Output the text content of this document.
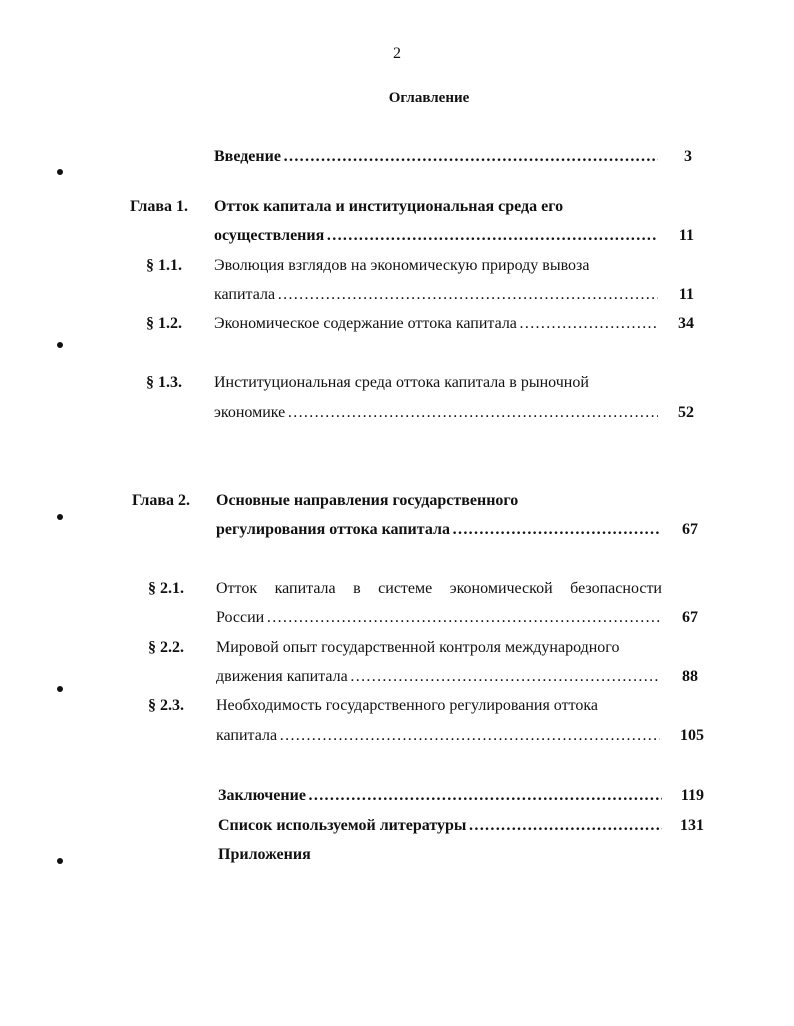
2
Оглавление
Введение ……………………………………………………………………………………………………………………………………………………………………………	3
Глава 1. Отток капитала и институциональная среда его
осуществления ……………………………………………………………………………………………………………………………………………………………………………	11
§ 1.1. Эволюция взглядов на экономическую природу вывоза
капитала ……………………………………………………………………………………………………………………………………………………………………………	11
§ 1.2. Экономическое содержание оттока капитала ……………………………………………………………………………………………………………………………………………………………………………	34
§ 1.3. Институциональная среда оттока капитала в рыночной
экономике ……………………………………………………………………………………………………………………………………………………………………………	52
Глава 2. Основные направления государственного
регулирования оттока капитала ……………………………………………………………………………………………………………………………………………………………………………	67
§ 2.1. Отток капитала в системе экономической безопасности
России ……………………………………………………………………………………………………………………………………………………………………………	67
§ 2.2. Мировой опыт государственной контроля международного
движения капитала ……………………………………………………………………………………………………………………………………………………………………………	88
§ 2.3. Необходимость государственного регулирования оттока
капитала ……………………………………………………………………………………………………………………………………………………………………………	105
Заключение ……………………………………………………………………………………………………………………………………………………………………………	119
Список используемой литературы ……………………………………………………………………………………………………………………………………………………………………………	131
Приложения
